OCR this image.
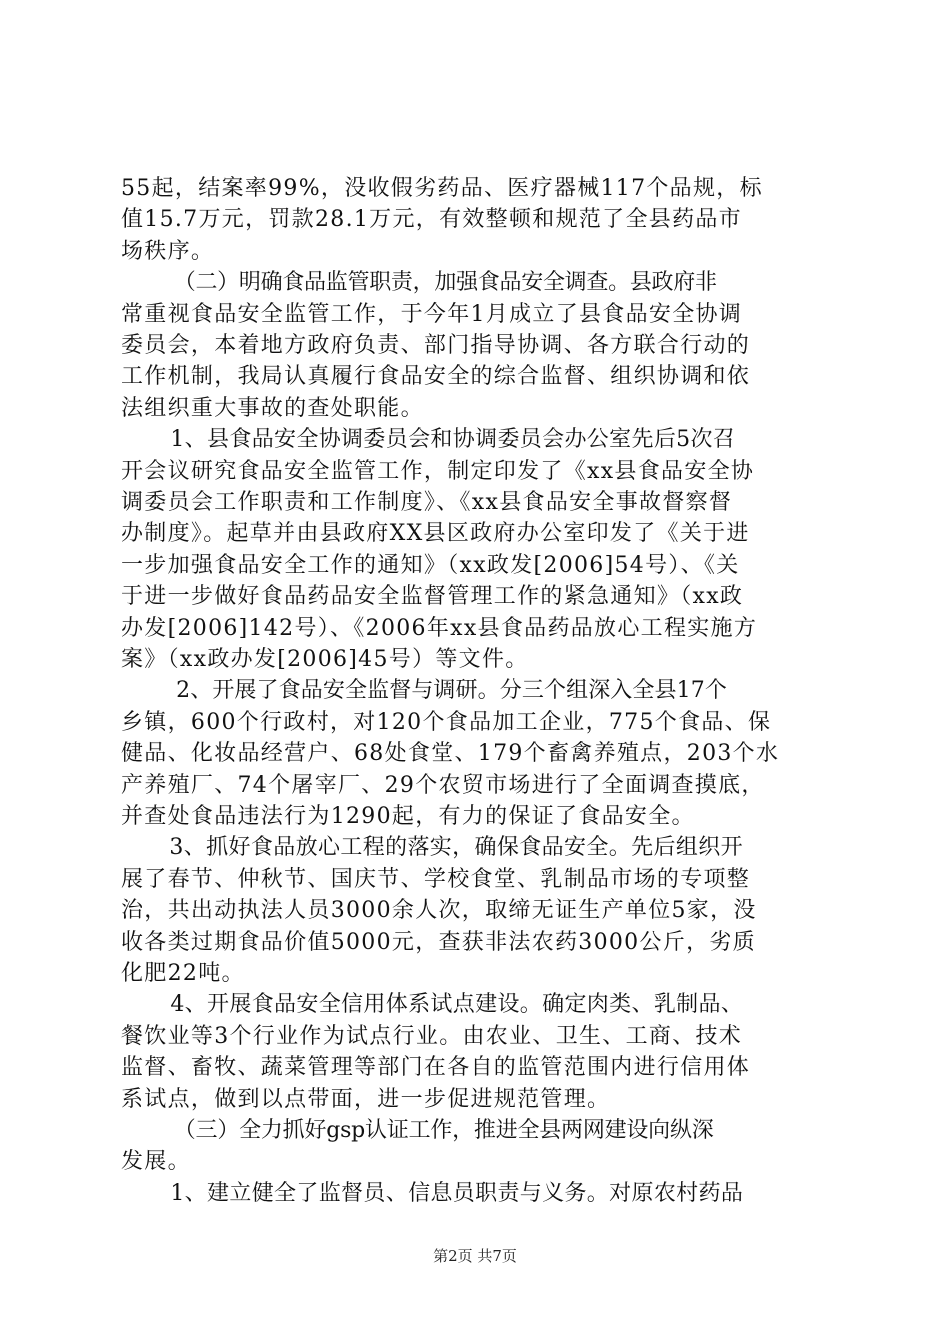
55起，结案率99%，没收假劣药品、医疗器械117个品规，标
值15.7万元，罚款28.1万元，有效整顿和规范了全县药品市
场秩序。
　（二）明确食品监管职责，加强食品安全调查。县政府非
常重视食品安全监管工作，于今年1月成立了县食品安全协调
委员会，本着地方政府负责、部门指导协调、各方联合行动的
工作机制，我局认真履行食品安全的综合监督、组织协调和依
法组织重大事故的查处职能。
　1、县食品安全协调委员会和协调委员会办公室先后5次召
开会议研究食品安全监管工作，制定印发了《xx县食品安全协
调委员会工作职责和工作制度》、《xx县食品安全事故督察督
办制度》。起草并由县政府XX县区政府办公室印发了《关于进
一步加强食品安全工作的通知》（xx政发[2006]54号）、《关
于进一步做好食品药品安全监督管理工作的紧急通知》（xx政
办发[2006]142号）、《2006年xx县食品药品放心工程实施方
案》（xx政办发[2006]45号）等文件。
　2、开展了食品安全监督与调研。分三个组深入全县17个
乡镇，600个行政村，对120个食品加工企业，775个食品、保
健品、化妆品经营户、68处食堂、179个畜禽养殖点，203个水
产养殖厂、74个屠宰厂、29个农贸市场进行了全面调查摸底，
并查处食品违法行为1290起，有力的保证了食品安全。
　3、抓好食品放心工程的落实，确保食品安全。先后组织开
展了春节、仲秋节、国庆节、学校食堂、乳制品市场的专项整
治，共出动执法人员3000余人次，取缔无证生产单位5家，没
收各类过期食品价值5000元，查获非法农药3000公斤，劣质
化肥22吨。
　4、开展食品安全信用体系试点建设。确定肉类、乳制品、
餐饮业等3个行业作为试点行业。由农业、卫生、工商、技术
监督、畜牧、蔬菜管理等部门在各自的监管范围内进行信用体
系试点，做到以点带面，进一步促进规范管理。
　（三）全力抓好gsp认证工作，推进全县两网建设向纵深
发展。
　1、建立健全了监督员、信息员职责与义务。对原农村药品
第2页 共7页
